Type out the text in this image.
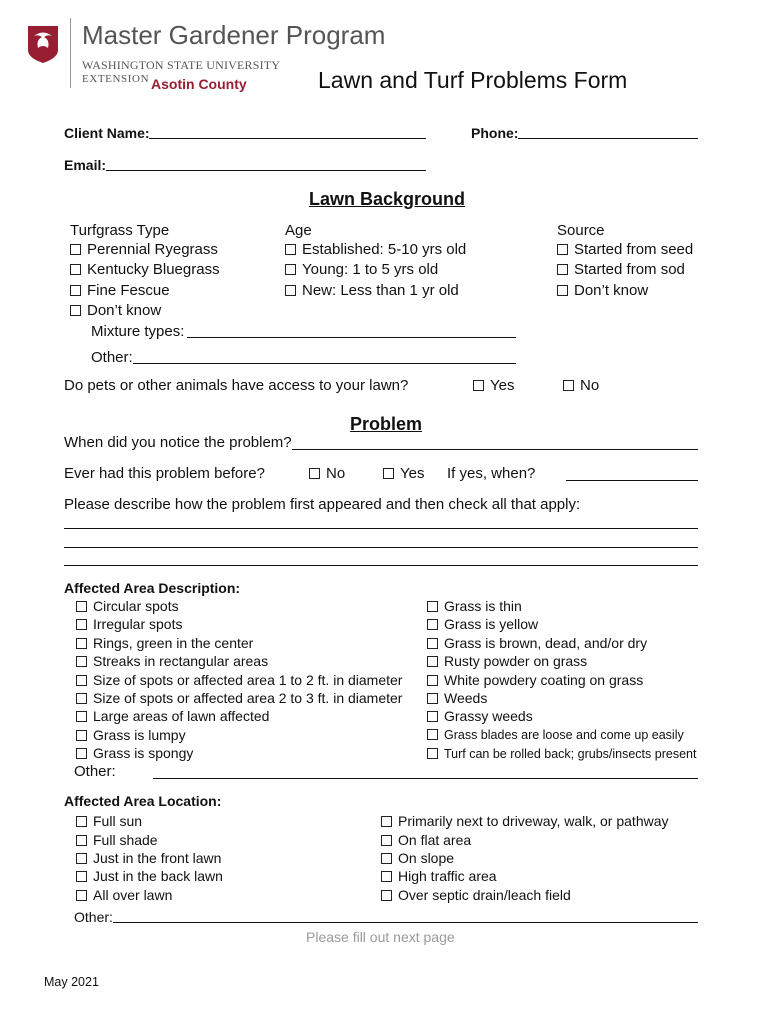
Master Gardener Program
WASHINGTON STATE UNIVERSITY
EXTENSION Asotin County	Lawn and Turf Problems Form
Client Name:	Phone:
Email:
Lawn Background
Turfgrass Type
Perennial Ryegrass
Kentucky Bluegrass
Fine Fescue
Don’t know
Mixture types:
Other:
Age
Established: 5-10 yrs old
Young: 1 to 5 yrs old
New: Less than 1 yr old
Source
Started from seed
Started from sod
Don’t know
Do pets or other animals have access to your lawn?	Yes	No
Problem
When did you notice the problem?
Ever had this problem before?	No	Yes If yes, when?
Please describe how the problem first appeared and then check all that apply:
Affected Area Description:
Circular spots
Irregular spots
Rings, green in the center
Streaks in rectangular areas
Size of spots or affected area 1 to 2 ft. in diameter
Size of spots or affected area 2 to 3 ft. in diameter
Large areas of lawn affected
Grass is lumpy
Grass is spongy
Grass is thin
Grass is yellow
Grass is brown, dead, and/or dry
Rusty powder on grass
White powdery coating on grass
Weeds
Grassy weeds
Grass blades are loose and come up easily
Turf can be rolled back; grubs/insects present
Other:
Affected Area Location:
Full sun
Full shade
Just in the front lawn
Just in the back lawn
All over lawn
Primarily next to driveway, walk, or pathway
On flat area
On slope
High traffic area
Over septic drain/leach field
Other:
Please fill out next page
May 2021
